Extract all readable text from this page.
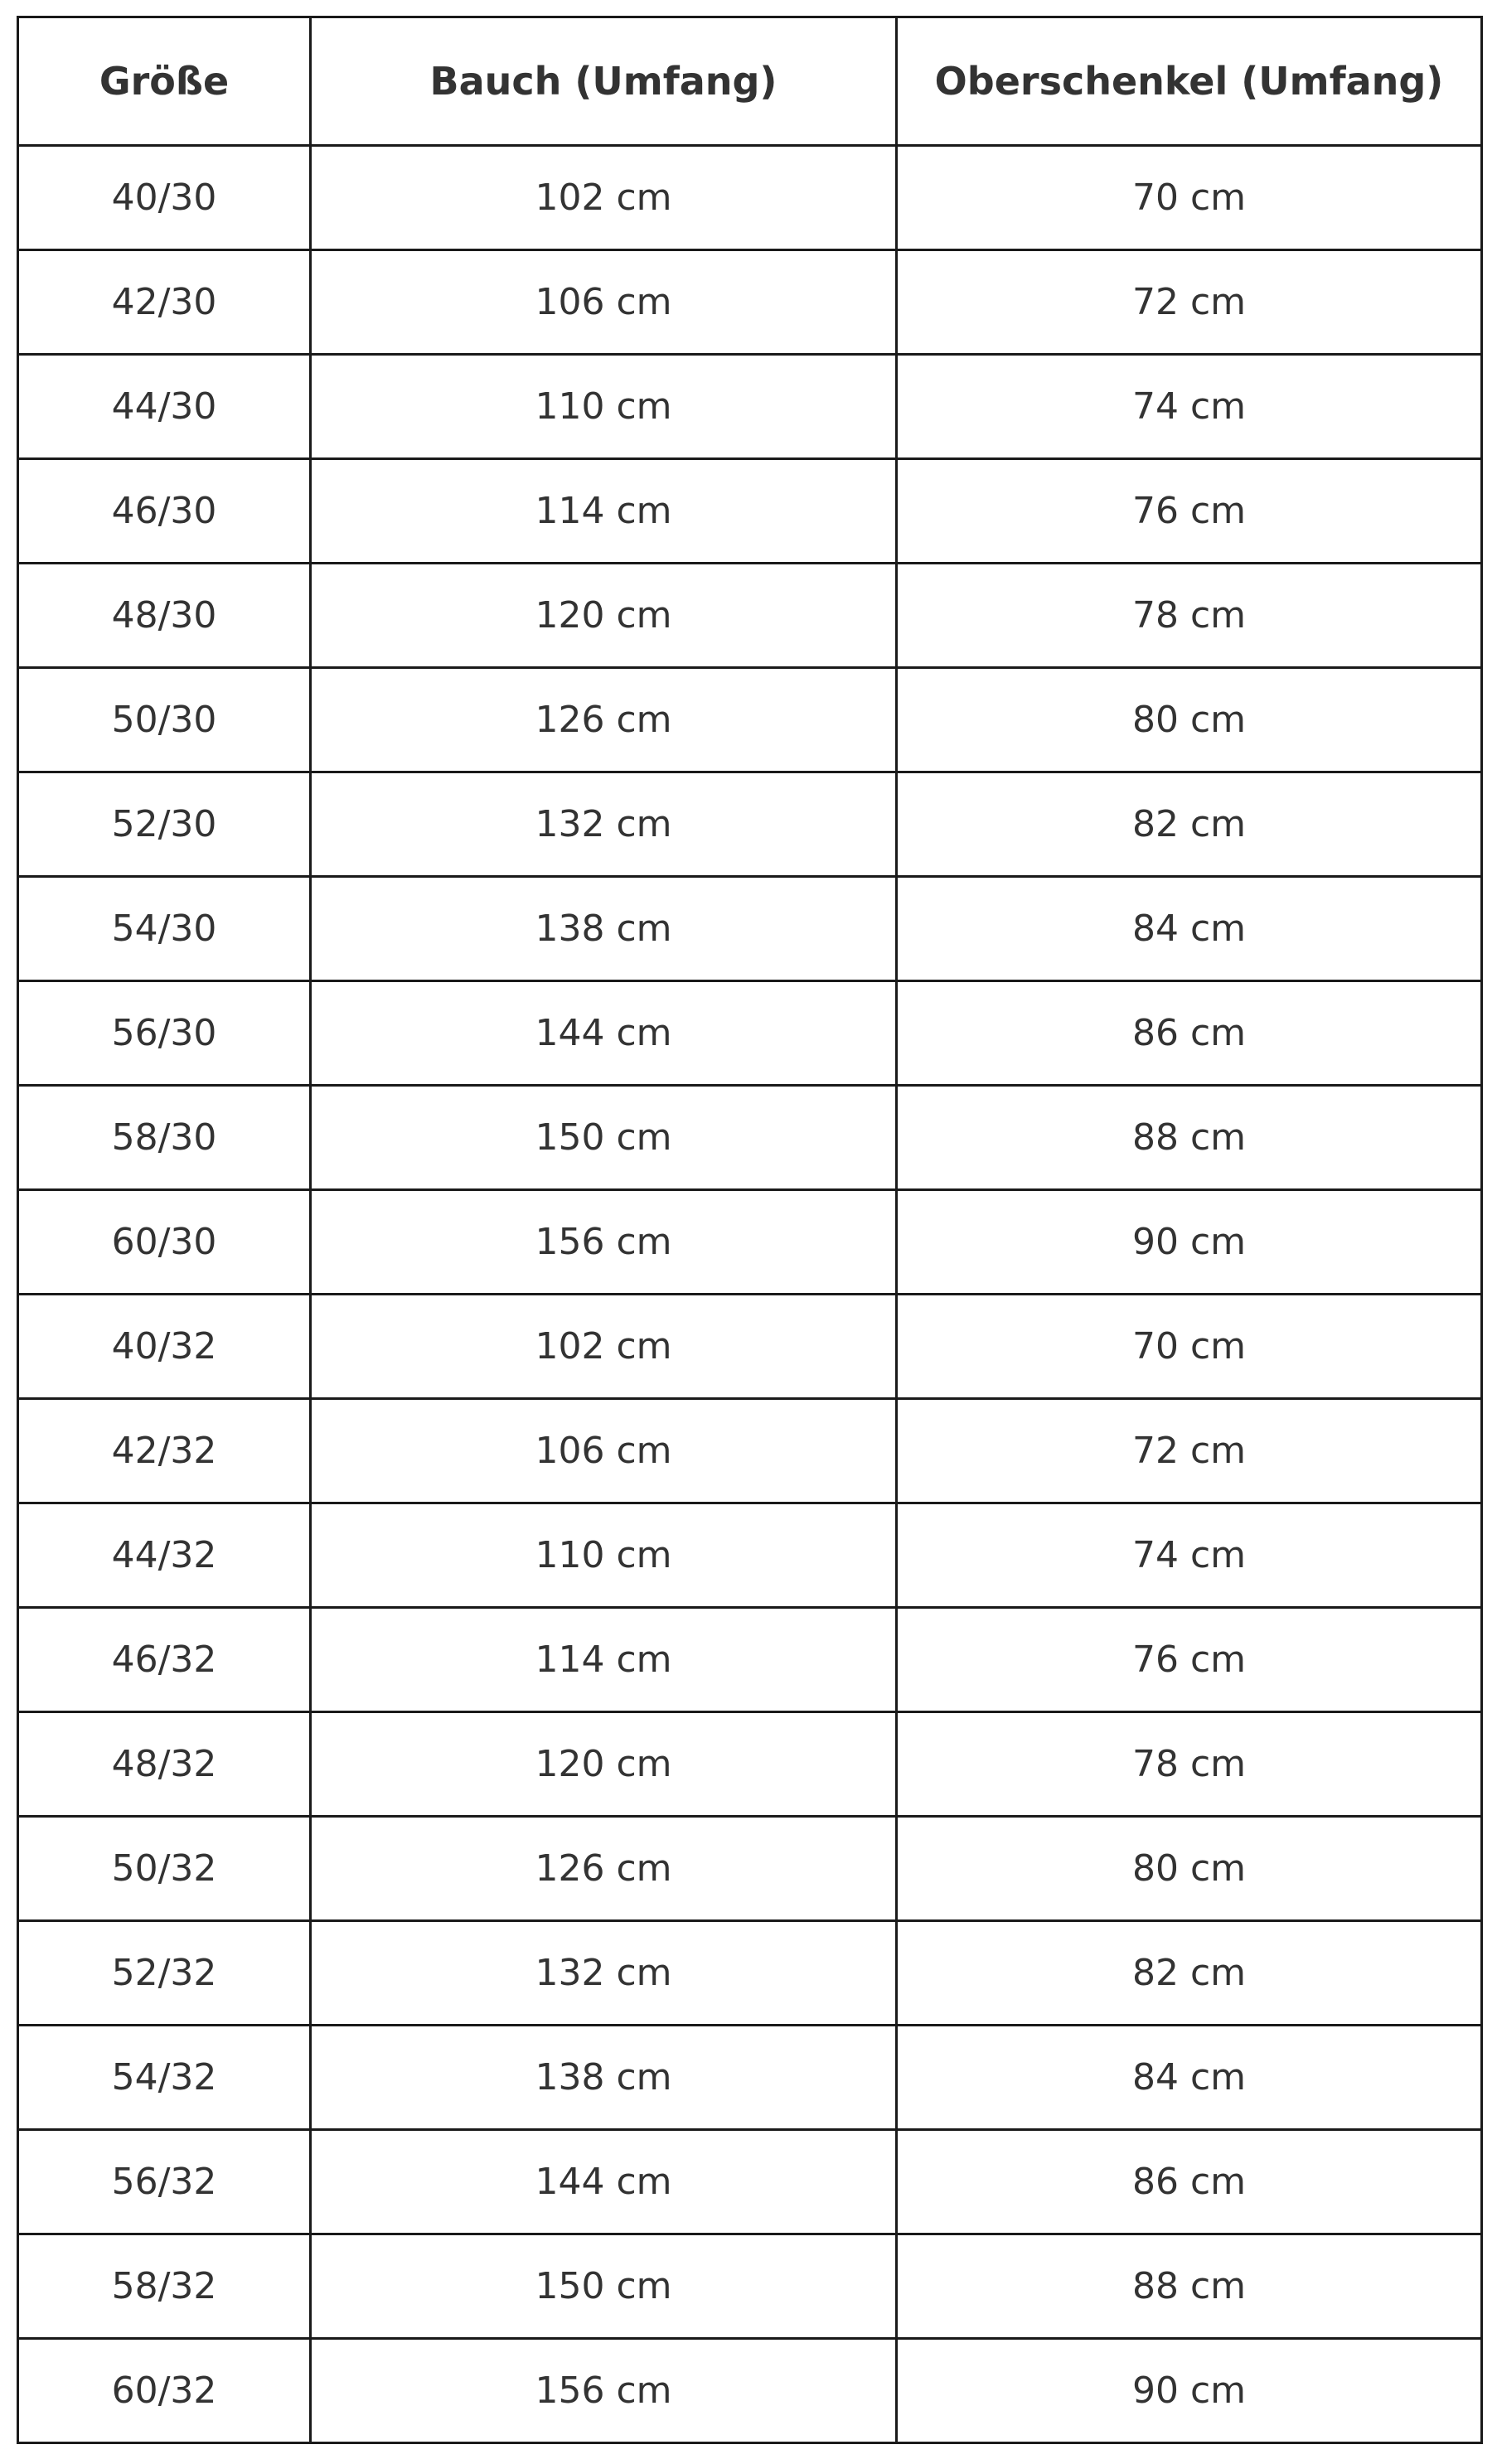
Größe	Bauch (Umfang)	Oberschenkel (Umfang)
40/30	102 cm	70 cm
42/30	106 cm	72 cm
44/30	110 cm	74 cm
46/30	114 cm	76 cm
48/30	120 cm	78 cm
50/30	126 cm	80 cm
52/30	132 cm	82 cm
54/30	138 cm	84 cm
56/30	144 cm	86 cm
58/30	150 cm	88 cm
60/30	156 cm	90 cm
40/32	102 cm	70 cm
42/32	106 cm	72 cm
44/32	110 cm	74 cm
46/32	114 cm	76 cm
48/32	120 cm	78 cm
50/32	126 cm	80 cm
52/32	132 cm	82 cm
54/32	138 cm	84 cm
56/32	144 cm	86 cm
58/32	150 cm	88 cm
60/32	156 cm	90 cm
